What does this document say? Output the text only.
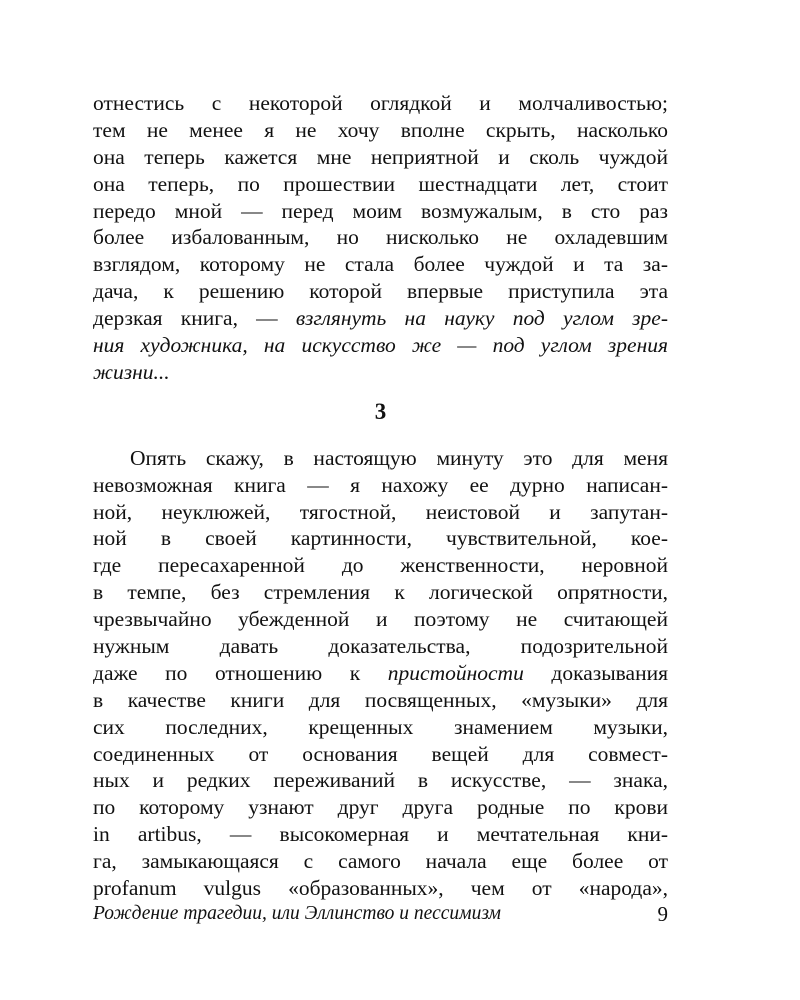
отнестись с некоторой оглядкой и молчаливостью;
тем не менее я не хочу вполне скрыть, насколько
она теперь кажется мне неприятной и сколь чуждой
она теперь, по прошествии шестнадцати лет, стоит
передо мной — перед моим возмужалым, в сто раз
более избалованным, но нисколько не охладевшим
взглядом, которому не стала более чуждой и та за-
дача, к решению которой впервые приступила эта
дерзкая книга, — взглянуть на науку под углом зре-
ния художника, на искусство же — под углом зрения
жизни...
3
Опять скажу, в настоящую минуту это для меня
невозможная книга — я нахожу ее дурно написан-
ной, неуклюжей, тягостной, неистовой и запутан-
ной в своей картинности, чувствительной, кое-
где пересахаренной до женственности, неровной
в темпе, без стремления к логической опрятности,
чрезвычайно убежденной и поэтому не считающей
нужным давать доказательства, подозрительной
даже по отношению к пристойности доказывания
в качестве книги для посвященных, «музыки» для
сих последних, крещенных знамением музыки,
соединенных от основания вещей для совмест-
ных и редких переживаний в искусстве, — знака,
по которому узнают друг друга родные по крови
in artibus, — высокомерная и мечтательная кни-
га, замыкающаяся с самого начала еще более от
profanum vulgus «образованных», чем от «народа»,
Рождение трагедии, или Эллинство и пессимизм	9
